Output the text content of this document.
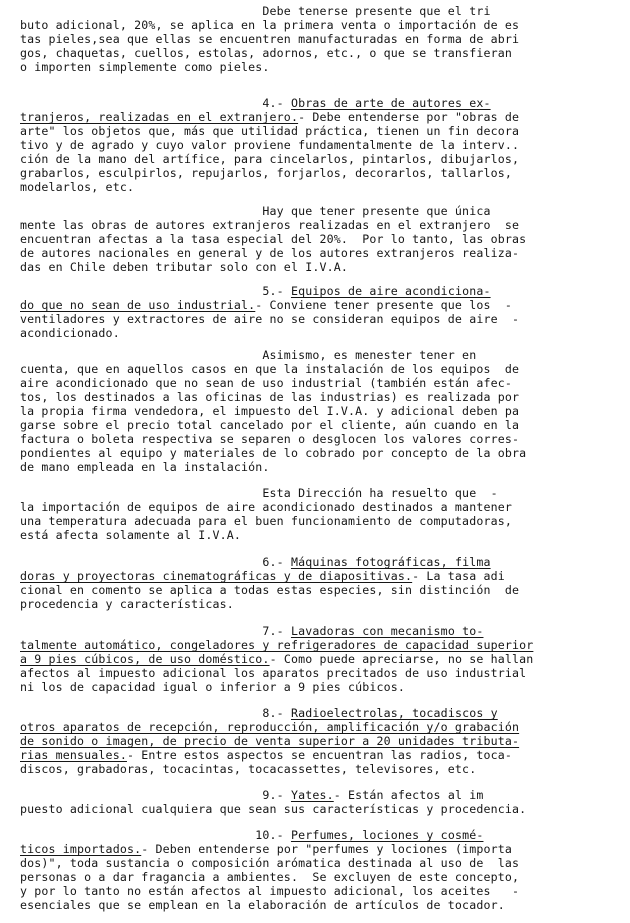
Debe tenerse presente que el tri
buto adicional, 20%, se aplica en la primera venta o importación de es
tas pieles,sea que ellas se encuentren manufacturadas en forma de abri
gos, chaquetas, cuellos, estolas, adornos, etc., o que se transfieran
o importen simplemente como pieles.
4.- Obras de arte de autores ex-
tranjeros, realizadas en el extranjero.- Debe entenderse por "obras de
arte" los objetos que, más que utilidad práctica, tienen un fin decora
tivo y de agrado y cuyo valor proviene fundamentalmente de la interv..
ción de la mano del artífice, para cincelarlos, pintarlos, dibujarlos,
grabarlos, esculpirlos, repujarlos, forjarlos, decorarlos, tallarlos,
modelarlos, etc.
Hay que tener presente que única
mente las obras de autores extranjeros realizadas en el extranjero  se
encuentran afectas a la tasa especial del 20%.  Por lo tanto, las obras
de autores nacionales en general y de los autores extranjeros realiza-
das en Chile deben tributar solo con el I.V.A.
5.- Equipos de aire acondiciona-
do que no sean de uso industrial.- Conviene tener presente que los  -
ventiladores y extractores de aire no se consideran equipos de aire  -
acondicionado.
Asimismo, es menester tener en
cuenta, que en aquellos casos en que la instalación de los equipos  de
aire acondicionado que no sean de uso industrial (también están afec-
tos, los destinados a las oficinas de las industrias) es realizada por
la propia firma vendedora, el impuesto del I.V.A. y adicional deben pa
garse sobre el precio total cancelado por el cliente, aún cuando en la
factura o boleta respectiva se separen o desglocen los valores corres-
pondientes al equipo y materiales de lo cobrado por concepto de la obra
de mano empleada en la instalación.
Esta Dirección ha resuelto que  -
la importación de equipos de aire acondicionado destinados a mantener
una temperatura adecuada para el buen funcionamiento de computadoras,
está afecta solamente al I.V.A.
6.- Máquinas fotográficas, filma
doras y proyectoras cinematográficas y de diapositivas.- La tasa adi
cional en comento se aplica a todas estas especies, sin distinción  de
procedencia y características.
7.- Lavadoras con mecanismo to-
talmente automático, congeladores y refrigeradores de capacidad superior
a 9 pies cúbicos, de uso doméstico.- Como puede apreciarse, no se hallan
afectos al impuesto adicional los aparatos precitados de uso industrial
ni los de capacidad igual o inferior a 9 pies cúbicos.
8.- Radioelectrolas, tocadiscos y
otros aparatos de recepción, reproducción, amplificación y/o grabación
de sonido o imagen, de precio de venta superior a 20 unidades tributa-
rias mensuales.- Entre estos aspectos se encuentran las radios, toca-
discos, grabadoras, tocacintas, tocacassettes, televisores, etc.
9.- Yates.- Están afectos al im
puesto adicional cualquiera que sean sus características y procedencia.
10.- Perfumes, lociones y cosmé-
ticos importados.- Deben entenderse por "perfumes y lociones (importa
dos)", toda sustancia o composición arómatica destinada al uso de  las
personas o a dar fragancia a ambientes.  Se excluyen de este concepto,
y por lo tanto no están afectos al impuesto adicional, los aceites   -
esenciales que se emplean en la elaboración de artículos de tocador.
